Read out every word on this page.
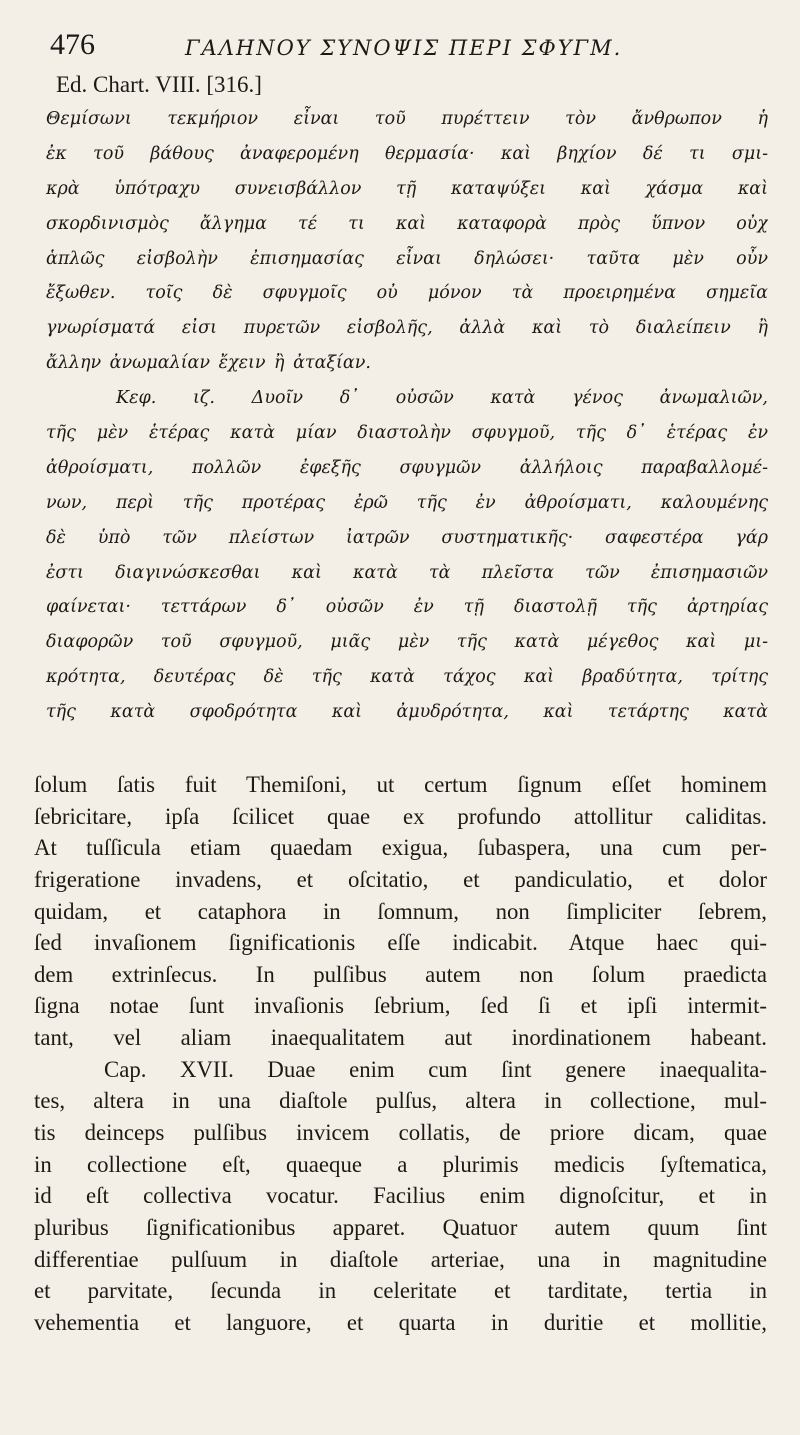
476	ΓΑΛΗΝΟΥ ΣΥΝΟΨΙΣ ΠΕΡΙ ΣΦΥΓΜ.
Ed. Chart. VIII. [316.]
Θεμίσωνι τεκμήριον εἶναι τοῦ πυρέττειν τὸν ἄνθρωπον ἡ
ἐκ τοῦ βάθους ἀναφερομένη θερμασία· καὶ βηχίον δέ τι σμι-
κρὰ ὑπότραχυ συνεισβάλλον τῇ καταψύξει καὶ χάσμα καὶ
σκορδινισμὸς ἄλγημα τέ τι καὶ καταφορὰ πρὸς ὕπνον οὐχ
ἁπλῶς εἰσβολὴν ἐπισημασίας εἶναι δηλώσει· ταῦτα μὲν οὖν
ἔξωθεν. τοῖς δὲ σφυγμοῖς οὐ μόνον τὰ προειρημένα σημεῖα
γνωρίσματά εἰσι πυρετῶν εἰσβολῆς, ἀλλὰ καὶ τὸ διαλείπειν ἢ
ἄλλην ἀνωμαλίαν ἔχειν ἢ ἀταξίαν.
Κεφ. ιζ. Δυοῖν δ᾽ οὐσῶν κατὰ γένος ἀνωμαλιῶν,
τῆς μὲν ἑτέρας κατὰ μίαν διαστολὴν σφυγμοῦ, τῆς δ᾽ ἑτέρας ἐν
ἀθροίσματι, πολλῶν ἐφεξῆς σφυγμῶν ἀλλήλοις παραβαλλομέ-
νων, περὶ τῆς προτέρας ἐρῶ τῆς ἐν ἀθροίσματι, καλουμένης
δὲ ὑπὸ τῶν πλείστων ἰατρῶν συστηματικῆς· σαφεστέρα γάρ
ἐστι διαγινώσκεσθαι καὶ κατὰ τὰ πλεῖστα τῶν ἐπισημασιῶν
φαίνεται· τεττάρων δ᾽ οὐσῶν ἐν τῇ διαστολῇ τῆς ἀρτηρίας
διαφορῶν τοῦ σφυγμοῦ, μιᾶς μὲν τῆς κατὰ μέγεθος καὶ μι-
κρότητα, δευτέρας δὲ τῆς κατὰ τάχος καὶ βραδύτητα, τρίτης
τῆς κατὰ σφοδρότητα καὶ ἀμυδρότητα, καὶ τετάρτης κατὰ
ſolum ſatis fuit Themiſoni, ut certum ſignum eſſet hominem
ſebricitare, ipſa ſcilicet quae ex profundo attollitur caliditas.
At tuſſicula etiam quaedam exigua, ſubaspera, una cum per-
frigeratione invadens, et oſcitatio, et pandiculatio, et dolor
quidam, et cataphora in ſomnum, non ſimpliciter ſebrem,
ſed invaſionem ſignificationis eſſe indicabit. Atque haec qui-
dem extrinſecus. In pulſibus autem non ſolum praedicta
ſigna notae ſunt invaſionis ſebrium, ſed ſi et ipſi intermit-
tant, vel aliam inaequalitatem aut inordinationem habeant.
Cap. XVII. Duae enim cum ſint genere inaequalita-
tes, altera in una diaſtole pulſus, altera in collectione, mul-
tis deinceps pulſibus invicem collatis, de priore dicam, quae
in collectione eſt, quaeque a plurimis medicis ſyſtematica,
id eſt collectiva vocatur. Facilius enim dignoſcitur, et in
pluribus ſignificationibus apparet. Quatuor autem quum ſint
differentiae pulſuum in diaſtole arteriae, una in magnitudine
et parvitate, ſecunda in celeritate et tarditate, tertia in
vehementia et languore, et quarta in duritie et mollitie,
